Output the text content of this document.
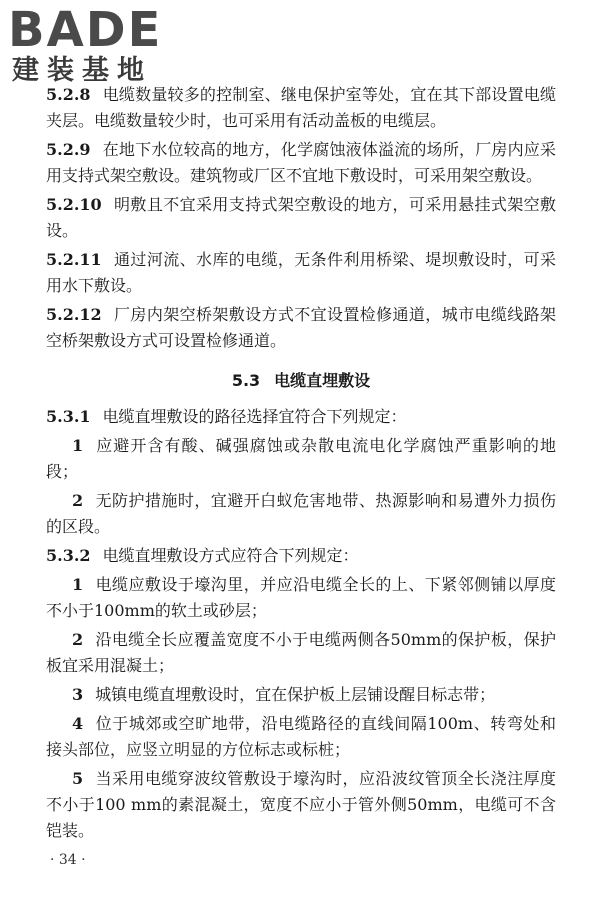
BADE
建装基地

5.2.8 电缆数量较多的控制室、继电保护室等处，宜在其下部设置电缆夹层。电缆数量较少时，也可采用有活动盖板的电缆层。

5.2.9 在地下水位较高的地方，化学腐蚀液体溢流的场所，厂房内应采用支持式架空敷设。建筑物或厂区不宜地下敷设时，可采用架空敷设。

5.2.10 明敷且不宜采用支持式架空敷设的地方，可采用悬挂式架空敷设。

5.2.11 通过河流、水库的电缆，无条件利用桥梁、堤坝敷设时，可采用水下敷设。

5.2.12 厂房内架空桥架敷设方式不宜设置检修通道，城市电缆线路架空桥架敷设方式可设置检修通道。

5.3 电缆直埋敷设

5.3.1 电缆直埋敷设的路径选择宜符合下列规定：

1 应避开含有酸、碱强腐蚀或杂散电流电化学腐蚀严重影响的地段；

2 无防护措施时，宜避开白蚁危害地带、热源影响和易遭外力损伤的区段。

5.3.2 电缆直埋敷设方式应符合下列规定：

1 电缆应敷设于壕沟里，并应沿电缆全长的上、下紧邻侧铺以厚度不小于100mm的软土或砂层；

2 沿电缆全长应覆盖宽度不小于电缆两侧各50mm的保护板，保护板宜采用混凝土；

3 城镇电缆直埋敷设时，宜在保护板上层铺设醒目标志带；

4 位于城郊或空旷地带，沿电缆路径的直线间隔100m、转弯处和接头部位，应竖立明显的方位标志或标桩；

5 当采用电缆穿波纹管敷设于壕沟时，应沿波纹管顶全长浇注厚度不小于100 mm的素混凝土，宽度不应小于管外侧50mm，电缆可不含铠装。

· 34 ·
